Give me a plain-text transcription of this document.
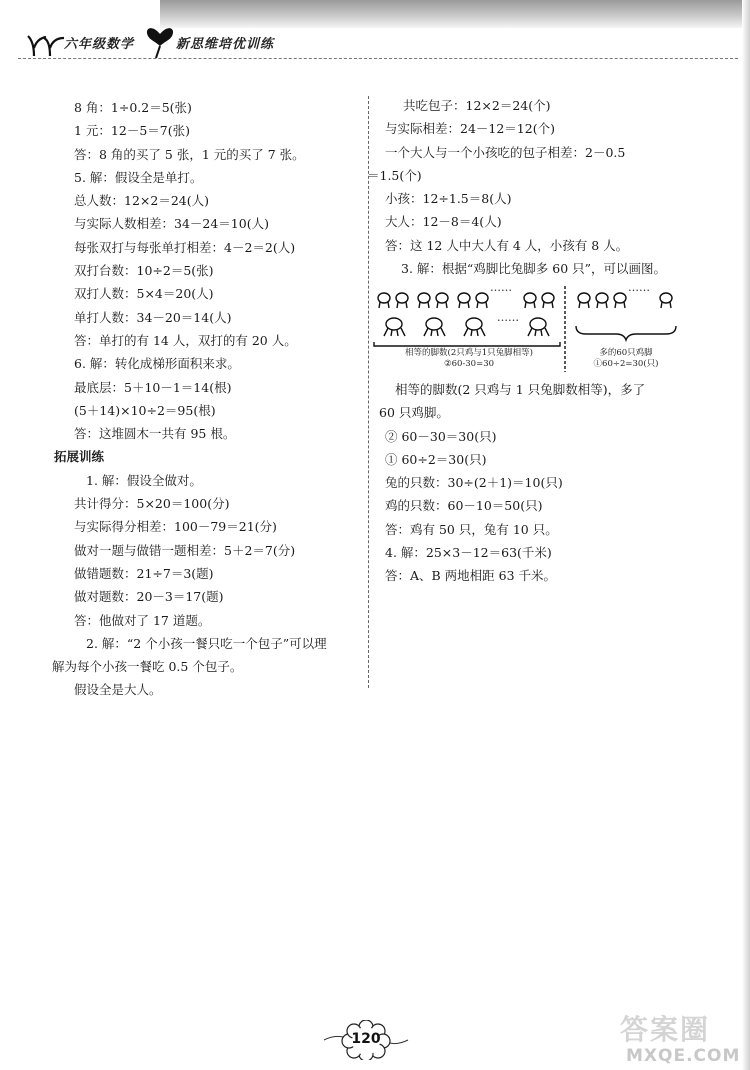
六年级数学	新思维培优训练

8 角：1÷0.2＝5(张)

1 元：12－5＝7(张)

答：8 角的买了 5 张，1 元的买了 7 张。

5. 解：假设全是单打。

总人数：12×2＝24(人)

与实际人数相差：34－24＝10(人)

每张双打与每张单打相差：4－2＝2(人)

双打台数：10÷2＝5(张)

双打人数：5×4＝20(人)

单打人数：34－20＝14(人)

答：单打的有 14 人，双打的有 20 人。

6. 解：转化成梯形面积来求。

最底层：5＋10－1＝14(根)

(5＋14)×10÷2＝95(根)

答：这堆圆木一共有 95 根。

拓展训练

1. 解：假设全做对。

共计得分：5×20＝100(分)

与实际得分相差：100－79＝21(分)

做对一题与做错一题相差：5＋2＝7(分)

做错题数：21÷7＝3(题)

做对题数：20－3＝17(题)

答：他做对了 17 道题。

2. 解：“2 个小孩一餐只吃一个包子”可以理

解为每个小孩一餐吃 0.5 个包子。

假设全是大人。

共吃包子：12×2＝24(个)

与实际相差：24－12＝12(个)

一个大人与一个小孩吃的包子相差：2－0.5

＝1.5(个)

小孩：12÷1.5＝8(人)

大人：12－8＝4(人)

答：这 12 人中大人有 4 人，小孩有 8 人。

3. 解：根据“鸡脚比兔脚多 60 只”，可以画图。

……
……
……
相等的脚数(2只鸡与1只兔脚相等)
②60-30=30
多的60只鸡脚
①60÷2=30(只)

相等的脚数(2 只鸡与 1 只兔脚数相等)，多了

60 只鸡脚。

② 60－30＝30(只)

① 60÷2＝30(只)

兔的只数：30÷(2＋1)＝10(只)

鸡的只数：60－10＝50(只)

答：鸡有 50 只，兔有 10 只。

4. 解：25×3－12＝63(千米)

答：A、B 两地相距 63 千米。

120	答案圈
MXQE.COM
